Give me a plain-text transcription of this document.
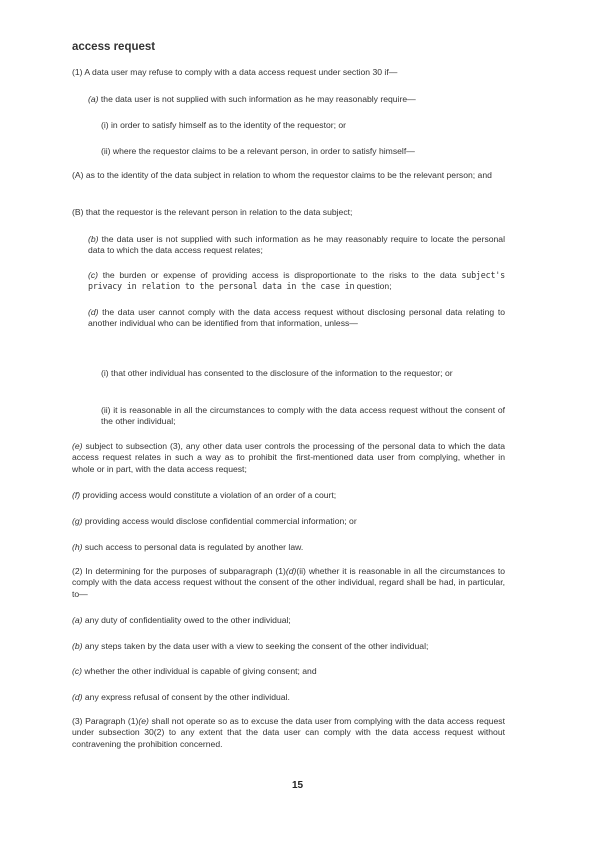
access request

(1) A data user may refuse to comply with a data access request under section 30 if—

(a) the data user is not supplied with such information as he may reasonably require—

(i) in order to satisfy himself as to the identity of the requestor; or

(ii) where the requestor claims to be a relevant person, in order to satisfy himself—

(A) as to the identity of the data subject in relation to whom the requestor claims to be the relevant person; and

(B) that the requestor is the relevant person in relation to the data subject;

(b) the data user is not supplied with such information as he may reasonably require to locate the personal data to which the data access request relates;

(c) the burden or expense of providing access is disproportionate to the risks to the data subject's privacy in relation to the personal data in the case in question;

(d) the data user cannot comply with the data access request without disclosing personal data relating to another individual who can be identified from that information, unless—

(i) that other individual has consented to the disclosure of the information to the requestor; or

(ii) it is reasonable in all the circumstances to comply with the data access request without the consent of the other individual;

(e) subject to subsection (3), any other data user controls the processing of the personal data to which the data access request relates in such a way as to prohibit the first-mentioned data user from complying, whether in whole or in part, with the data access request;

(f) providing access would constitute a violation of an order of a court;

(g) providing access would disclose confidential commercial information; or

(h) such access to personal data is regulated by another law.

(2) In determining for the purposes of subparagraph (1)(d)(ii) whether it is reasonable in all the circumstances to comply with the data access request without the consent of the other individual, regard shall be had, in particular, to—

(a) any duty of confidentiality owed to the other individual;

(b) any steps taken by the data user with a view to seeking the consent of the other individual;

(c) whether the other individual is capable of giving consent; and

(d) any express refusal of consent by the other individual.

(3) Paragraph (1)(e) shall not operate so as to excuse the data user from complying with the data access request under subsection 30(2) to any extent that the data user can comply with the data access request without contravening the prohibition concerned.

15
